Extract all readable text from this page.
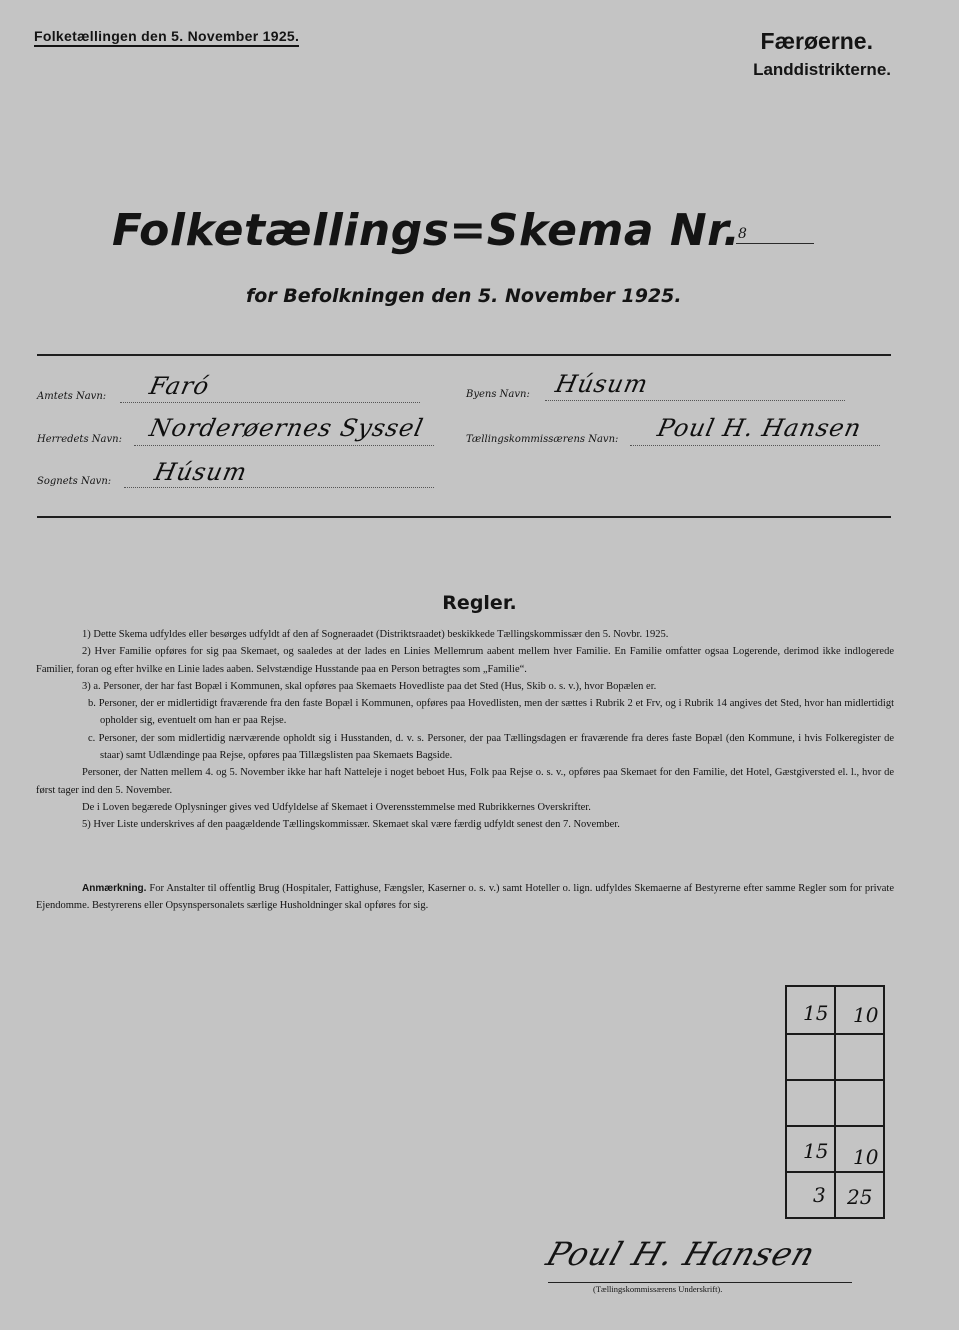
Folketællingen den 5. November 1925.	Færøerne.
Landdistrikterne.
Folketællings=Skema Nr.
8
for Befolkningen den 5. November 1925.
Amtets Navn: Faró	Byens Navn: Húsum
Herredets Navn: Norderøernes Syssel	Tællingskommissærens Navn: Poul H. Hansen
Sognets Navn: Húsum
Regler.

1) Dette Skema udfyldes eller besørges udfyldt af den af Sogneraadet (Distriktsraadet) beskikkede Tællingskommissær den 5. Novbr. 1925.

2) Hver Familie opføres for sig paa Skemaet, og saaledes at der lades en Linies Mellemrum aabent mellem hver Familie. En Familie omfatter ogsaa Logerende, derimod ikke indlogerede Familier, foran og efter hvilke en Linie lades aaben. Selvstændige Husstande paa en Person betragtes som „Familie“.

3) a. Personer, der har fast Bopæl i Kommunen, skal opføres paa Skemaets Hovedliste paa det Sted (Hus, Skib o. s. v.), hvor Bopælen er.

b. Personer, der er midlertidigt fraværende fra den faste Bopæl i Kommunen, opføres paa Hovedlisten, men der sættes i Rubrik 2 et Frv, og i Rubrik 14 angives det Sted, hvor han midlertidigt opholder sig, eventuelt om han er paa Rejse.

c. Personer, der som midlertidig nærværende opholdt sig i Husstanden, d. v. s. Personer, der paa Tællingsdagen er fraværende fra deres faste Bopæl (den Kommune, i hvis Folkeregister de staar) samt Udlændinge paa Rejse, opføres paa Tillægslisten paa Skemaets Bagside.

Personer, der Natten mellem 4. og 5. November ikke har haft Natteleje i noget beboet Hus, Folk paa Rejse o. s. v., opføres paa Skemaet for den Familie, det Hotel, Gæstgiversted el. l., hvor de først tager ind den 5. November.

De i Loven begærede Oplysninger gives ved Udfyldelse af Skemaet i Overensstemmelse med Rubrikkernes Overskrifter.

5) Hver Liste underskrives af den paagældende Tællingskommissær. Skemaet skal være færdig udfyldt senest den 7. November.

Anmærkning. For Anstalter til offentlig Brug (Hospitaler, Fattighuse, Fængsler, Kaserner o. s. v.) samt Hoteller o. lign. udfyldes Skemaerne af Bestyrerne efter samme Regler som for private Ejendomme. Bestyrerens eller Opsynspersonalets særlige Husholdninger skal opføres for sig.
15 10
15 10
3 25
Poul H. Hansen
(Tællingskommissærens Underskrift).
